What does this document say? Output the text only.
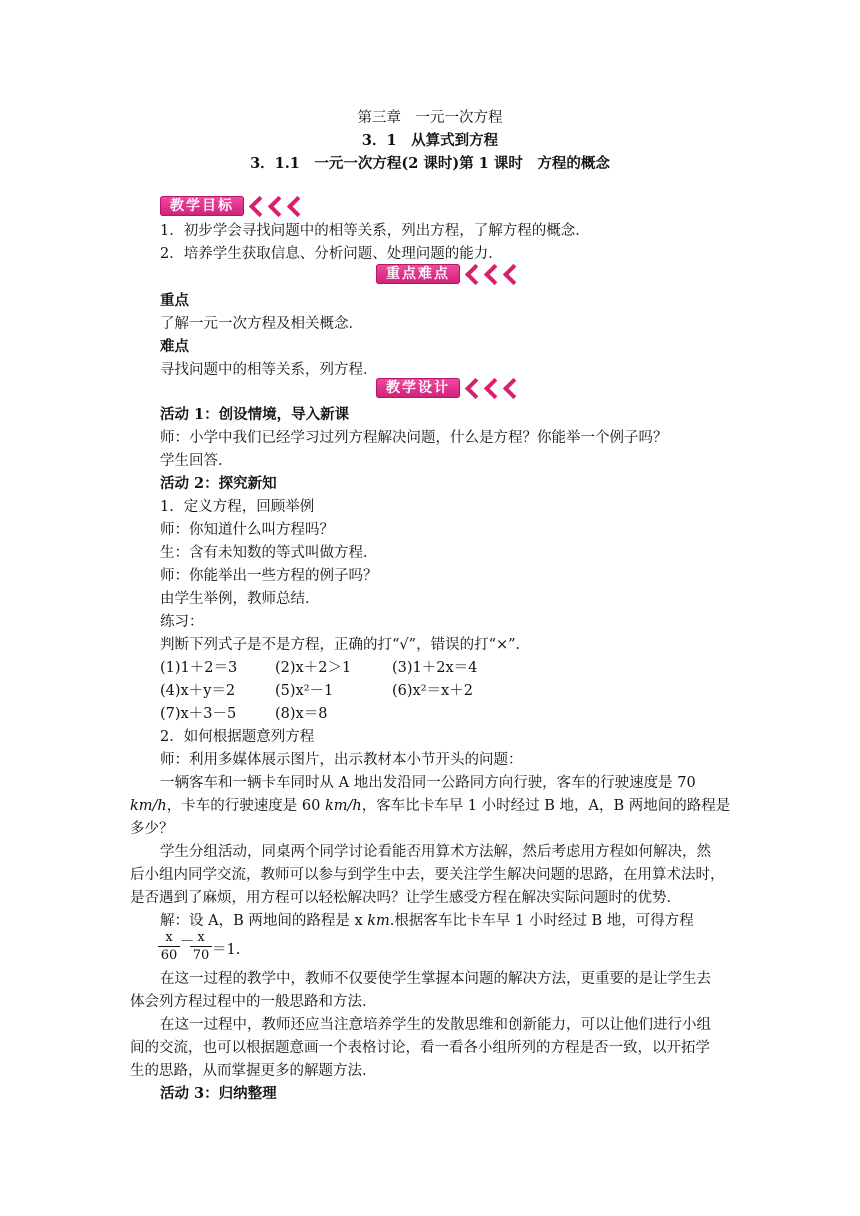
第三章　一元一次方程
3．1　从算式到方程
3．1.1　一元一次方程(2 课时)第 1 课时　方程的概念
教学目标
1．初步学会寻找问题中的相等关系，列出方程，了解方程的概念．
2．培养学生获取信息、分析问题、处理问题的能力．
重点难点
重点
了解一元一次方程及相关概念．
难点
寻找问题中的相等关系，列方程．
教学设计
活动 1：创设情境，导入新课
师：小学中我们已经学习过列方程解决问题，什么是方程？你能举一个例子吗？
学生回答．
活动 2：探究新知
1．定义方程，回顾举例
师：你知道什么叫方程吗？
生：含有未知数的等式叫做方程．
师：你能举出一些方程的例子吗？
由学生举例，教师总结．
练习：
判断下列式子是不是方程，正确的打“√”，错误的打“×”．
(1)1＋2＝3	(2)x＋2＞1	(3)1＋2x＝4
(4)x＋y＝2	(5)x²－1	(6)x²＝x＋2
(7)x＋3－5	(8)x＝8
2．如何根据题意列方程
师：利用多媒体展示图片，出示教材本小节开头的问题：
一辆客车和一辆卡车同时从 A 地出发沿同一公路同方向行驶，客车的行驶速度是 70
km/h，卡车的行驶速度是 60 km/h，客车比卡车早 1 小时经过 B 地，A，B 两地间的路程是
多少？
学生分组活动，同桌两个同学讨论看能否用算术方法解，然后考虑用方程如何解决，然
后小组内同学交流，教师可以参与到学生中去，要关注学生解决问题的思路，在用算术法时，
是否遇到了麻烦，用方程可以轻松解决吗？让学生感受方程在解决实际问题时的优势．
解：设 A，B 两地间的路程是 x km.根据客车比卡车早 1 小时经过 B 地，可得方程
$\frac{x}{60}$ －
$\frac{x}{70} =1$.
在这一过程的教学中，教师不仅要使学生掌握本问题的解决方法，更重要的是让学生去
体会列方程过程中的一般思路和方法．
在这一过程中，教师还应当注意培养学生的发散思维和创新能力，可以让他们进行小组
间的交流，也可以根据题意画一个表格讨论，看一看各小组所列的方程是否一致，以开拓学
生的思路，从而掌握更多的解题方法．
活动 3：归纳整理
